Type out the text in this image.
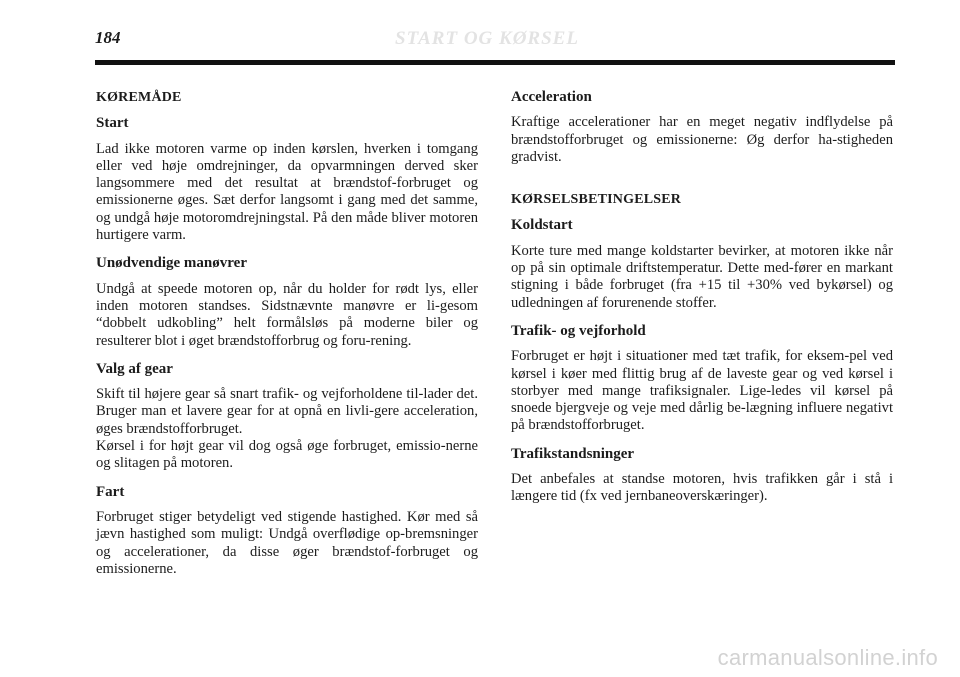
184	START OG KØRSEL
KØREMÅDE
Start

Lad ikke motoren varme op inden kørslen, hverken i tomgang eller ved høje omdrejninger, da opvarmningen derved sker langsommere med det resultat at brændstof-forbruget og emissionerne øges. Sæt derfor langsomt i gang med det samme, og undgå høje motoromdrejningstal. På den måde bliver motoren hurtigere varm.

Unødvendige manøvrer

Undgå at speede motoren op, når du holder for rødt lys, eller inden motoren standses. Sidstnævnte manøvre er li-gesom “dobbelt udkobling” helt formålsløs på moderne biler og resulterer blot i øget brændstofforbrug og foru-rening.

Valg af gear

Skift til højere gear så snart trafik- og vejforholdene til-lader det. Bruger man et lavere gear for at opnå en livli-gere acceleration, øges brændstofforbruget.

Kørsel i for højt gear vil dog også øge forbruget, emissio-nerne og slitagen på motoren.

Fart

Forbruget stiger betydeligt ved stigende hastighed. Kør med så jævn hastighed som muligt: Undgå overflødige op-bremsninger og accelerationer, da disse øger brændstof-forbruget og emissionerne.

Acceleration

Kraftige accelerationer har en meget negativ indflydelse på brændstofforbruget og emissionerne: Øg derfor ha-stigheden gradvist.

KØRSELSBETINGELSER
Koldstart

Korte ture med mange koldstarter bevirker, at motoren ikke når op på sin optimale driftstemperatur. Dette med-fører en markant stigning i både forbruget (fra +15 til +30% ved bykørsel) og udledningen af forurenende stoffer.

Trafik- og vejforhold

Forbruget er højt i situationer med tæt trafik, for eksem-pel ved kørsel i køer med flittig brug af de laveste gear og ved kørsel i storbyer med mange trafiksignaler. Lige-ledes vil kørsel på snoede bjergveje og veje med dårlig be-lægning influere negativt på brændstofforbruget.

Trafikstandsninger

Det anbefales at standse motoren, hvis trafikken går i stå i længere tid (fx ved jernbaneoverskæringer).

carmanualsonline.info
